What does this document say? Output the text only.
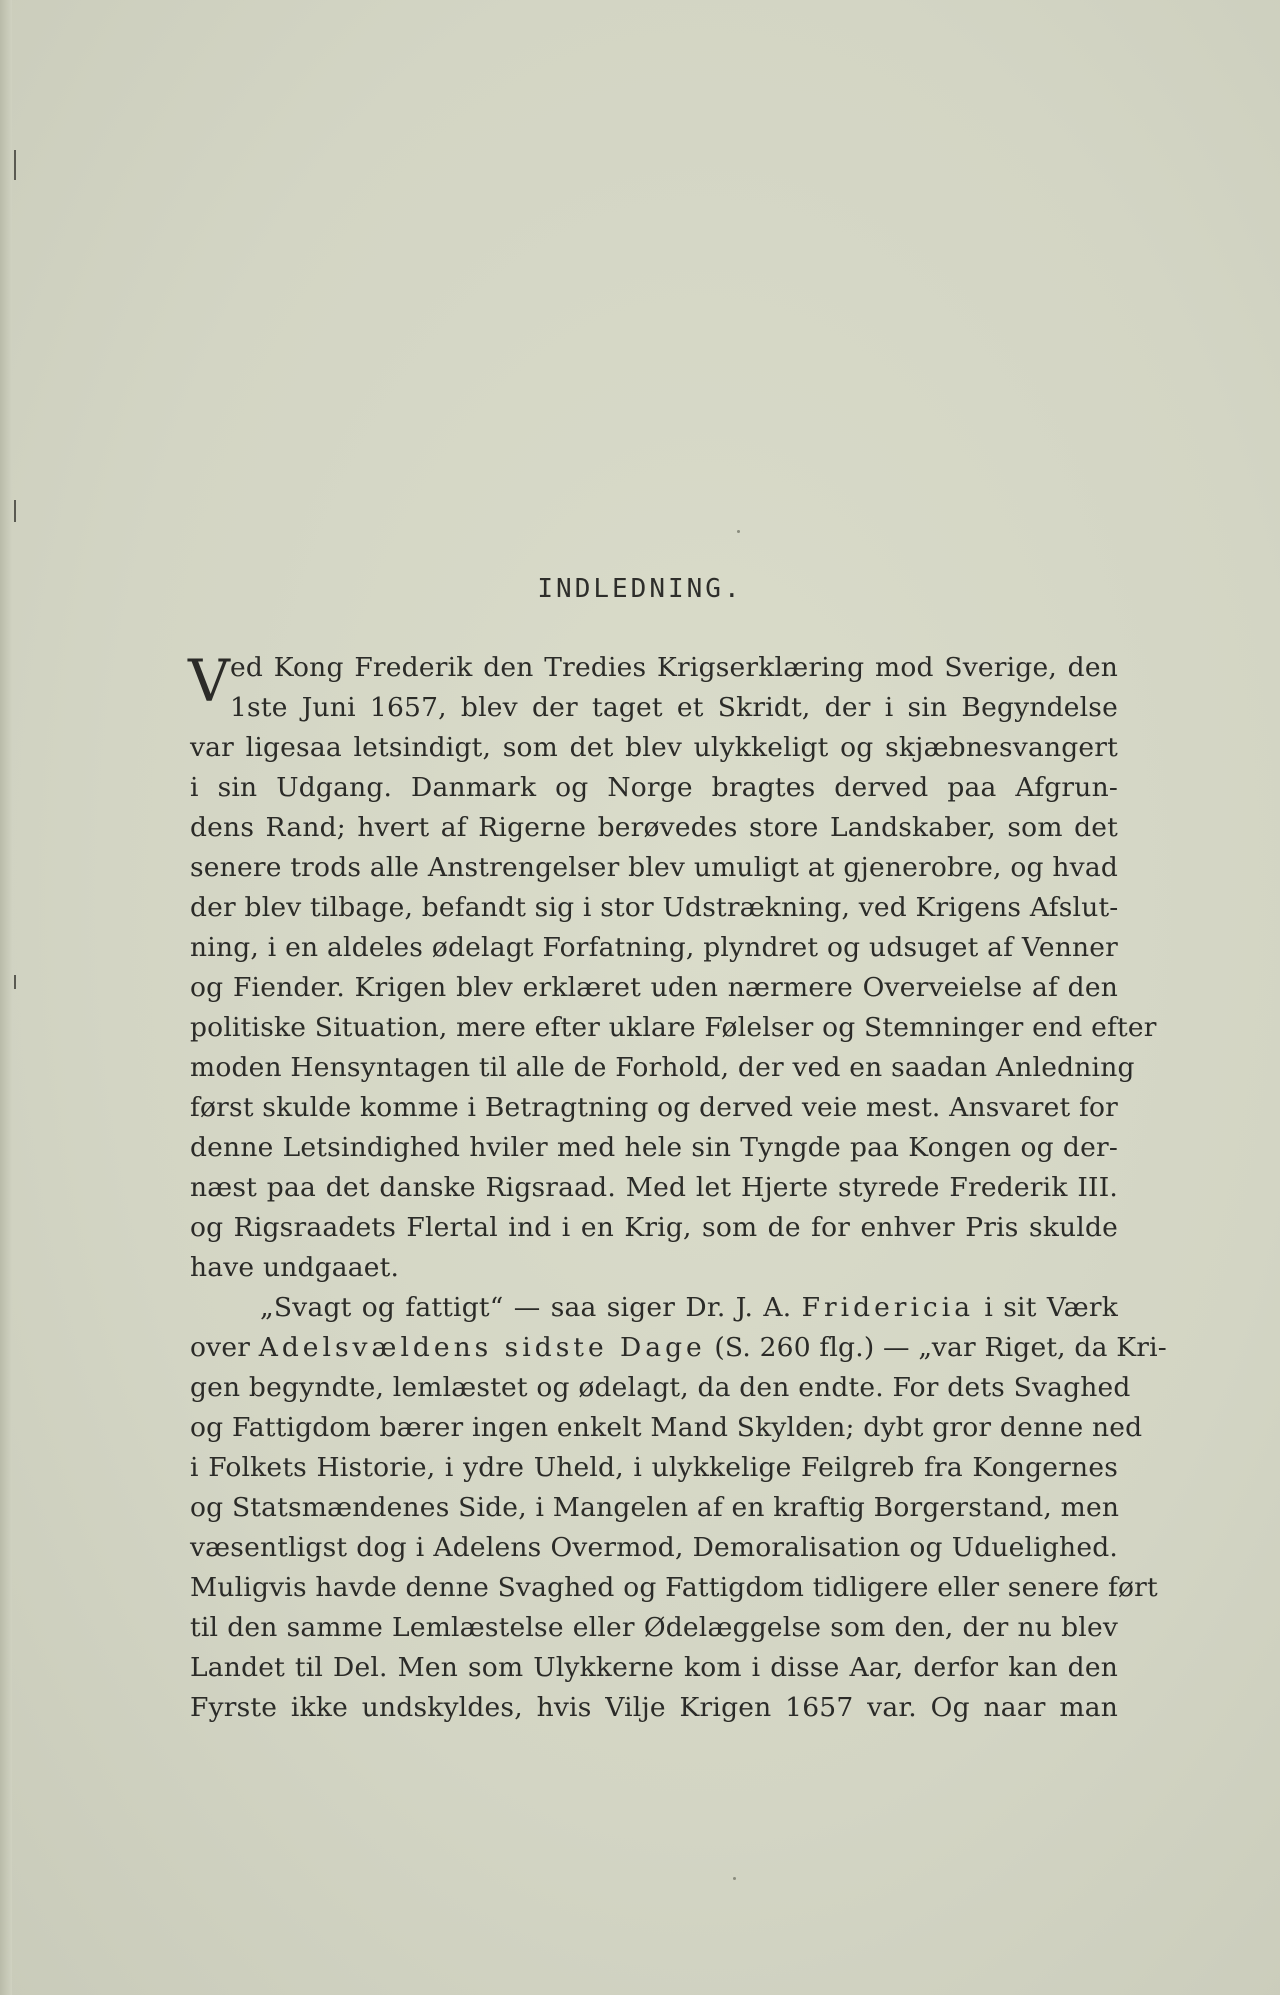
INDLEDNING.
V ed Kong Frederik den Tredies Krigserklæring mod Sverige, den
1ste Juni 1657, blev der taget et Skridt, der i sin Begyndelse
var ligesaa letsindigt, som det blev ulykkeligt og skjæbnesvangert
i sin Udgang. Danmark og Norge bragtes derved paa Afgrun-
dens Rand; hvert af Rigerne berøvedes store Landskaber, som det
senere trods alle Anstrengelser blev umuligt at gjenerobre, og hvad
der blev tilbage, befandt sig i stor Udstrækning, ved Krigens Afslut-
ning, i en aldeles ødelagt Forfatning, plyndret og udsuget af Venner
og Fiender. Krigen blev erklæret uden nærmere Overveielse af den
politiske Situation, mere efter uklare Følelser og Stemninger end efter
moden Hensyntagen til alle de Forhold, der ved en saadan Anledning
først skulde komme i Betragtning og derved veie mest. Ansvaret for
denne Letsindighed hviler med hele sin Tyngde paa Kongen og der-
næst paa det danske Rigsraad. Med let Hjerte styrede Frederik III.
og Rigsraadets Flertal ind i en Krig, som de for enhver Pris skulde
have undgaaet.
„Svagt og fattigt“ — saa siger Dr. J. A. Fridericia i sit Værk
over Adelsvældens sidste Dage (S. 260 flg.) — „var Riget, da Kri-
gen begyndte, lemlæstet og ødelagt, da den endte. For dets Svaghed
og Fattigdom bærer ingen enkelt Mand Skylden; dybt gror denne ned
i Folkets Historie, i ydre Uheld, i ulykkelige Feilgreb fra Kongernes
og Statsmændenes Side, i Mangelen af en kraftig Borgerstand, men
væsentligst dog i Adelens Overmod, Demoralisation og Uduelighed.
Muligvis havde denne Svaghed og Fattigdom tidligere eller senere ført
til den samme Lemlæstelse eller Ødelæggelse som den, der nu blev
Landet til Del. Men som Ulykkerne kom i disse Aar, derfor kan den
Fyrste ikke undskyldes, hvis Vilje Krigen 1657 var. Og naar man
